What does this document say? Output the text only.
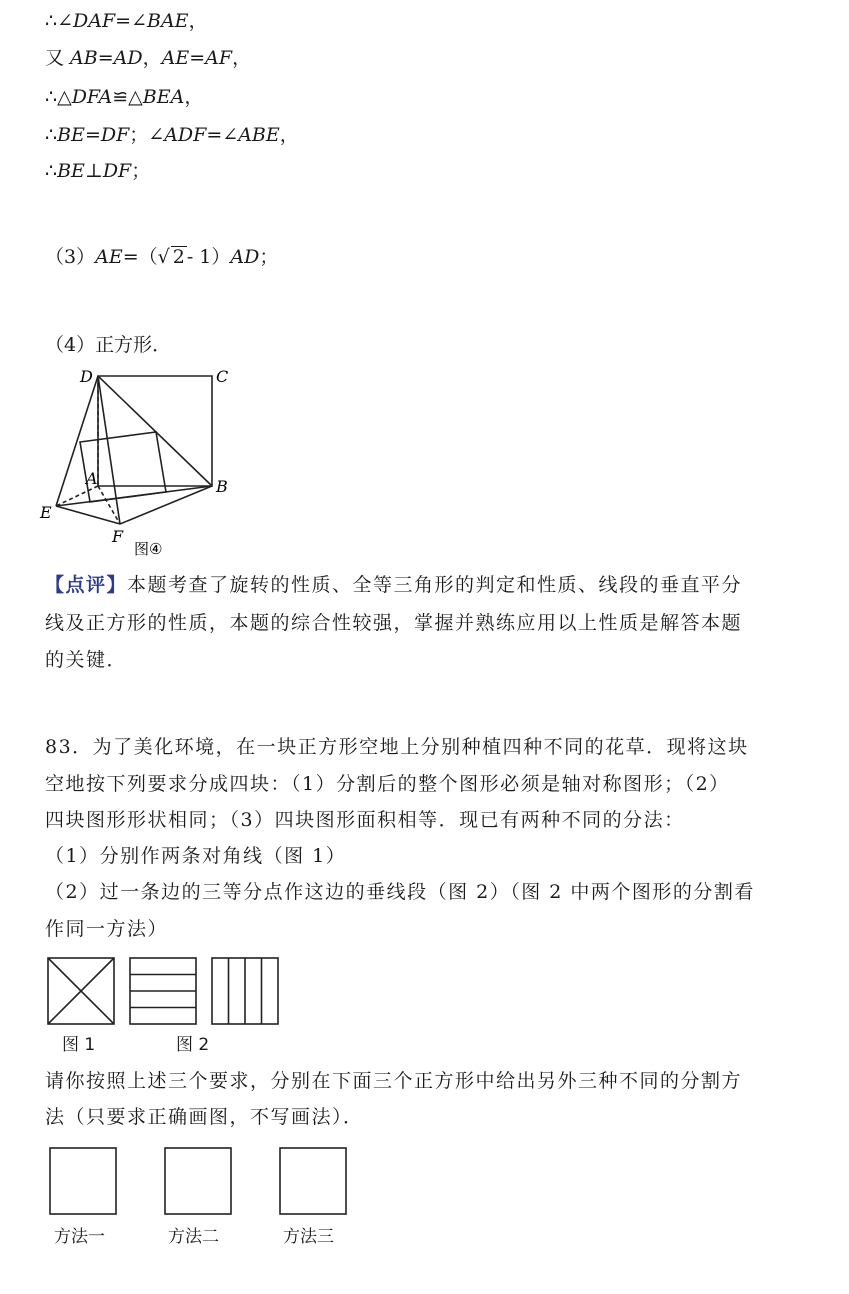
∴∠DAF=∠BAE，
又 AB=AD，AE=AF，
∴△DFA≌△BEA，
∴BE=DF；∠ADF=∠ABE，
∴BE⊥DF；
（3）AE=（√ 2 - 1）AD；
（4）正方形．
D	C
A	B
E
F
图④
【点评】本题考查了旋转的性质、全等三角形的判定和性质、线段的垂直平分
线及正方形的性质，本题的综合性较强，掌握并熟练应用以上性质是解答本题
的关键．
83．为了美化环境，在一块正方形空地上分别种植四种不同的花草．现将这块
空地按下列要求分成四块：（1）分割后的整个图形必须是轴对称图形；（2）
四块图形形状相同；（3）四块图形面积相等．现已有两种不同的分法：
（1）分别作两条对角线（图 1）
（2）过一条边的三等分点作这边的垂线段（图 2）（图 2 中两个图形的分割看
作同一方法）
图 1	图 2
请你按照上述三个要求，分别在下面三个正方形中给出另外三种不同的分割方
法（只要求正确画图，不写画法）．
方法一	方法二	方法三
